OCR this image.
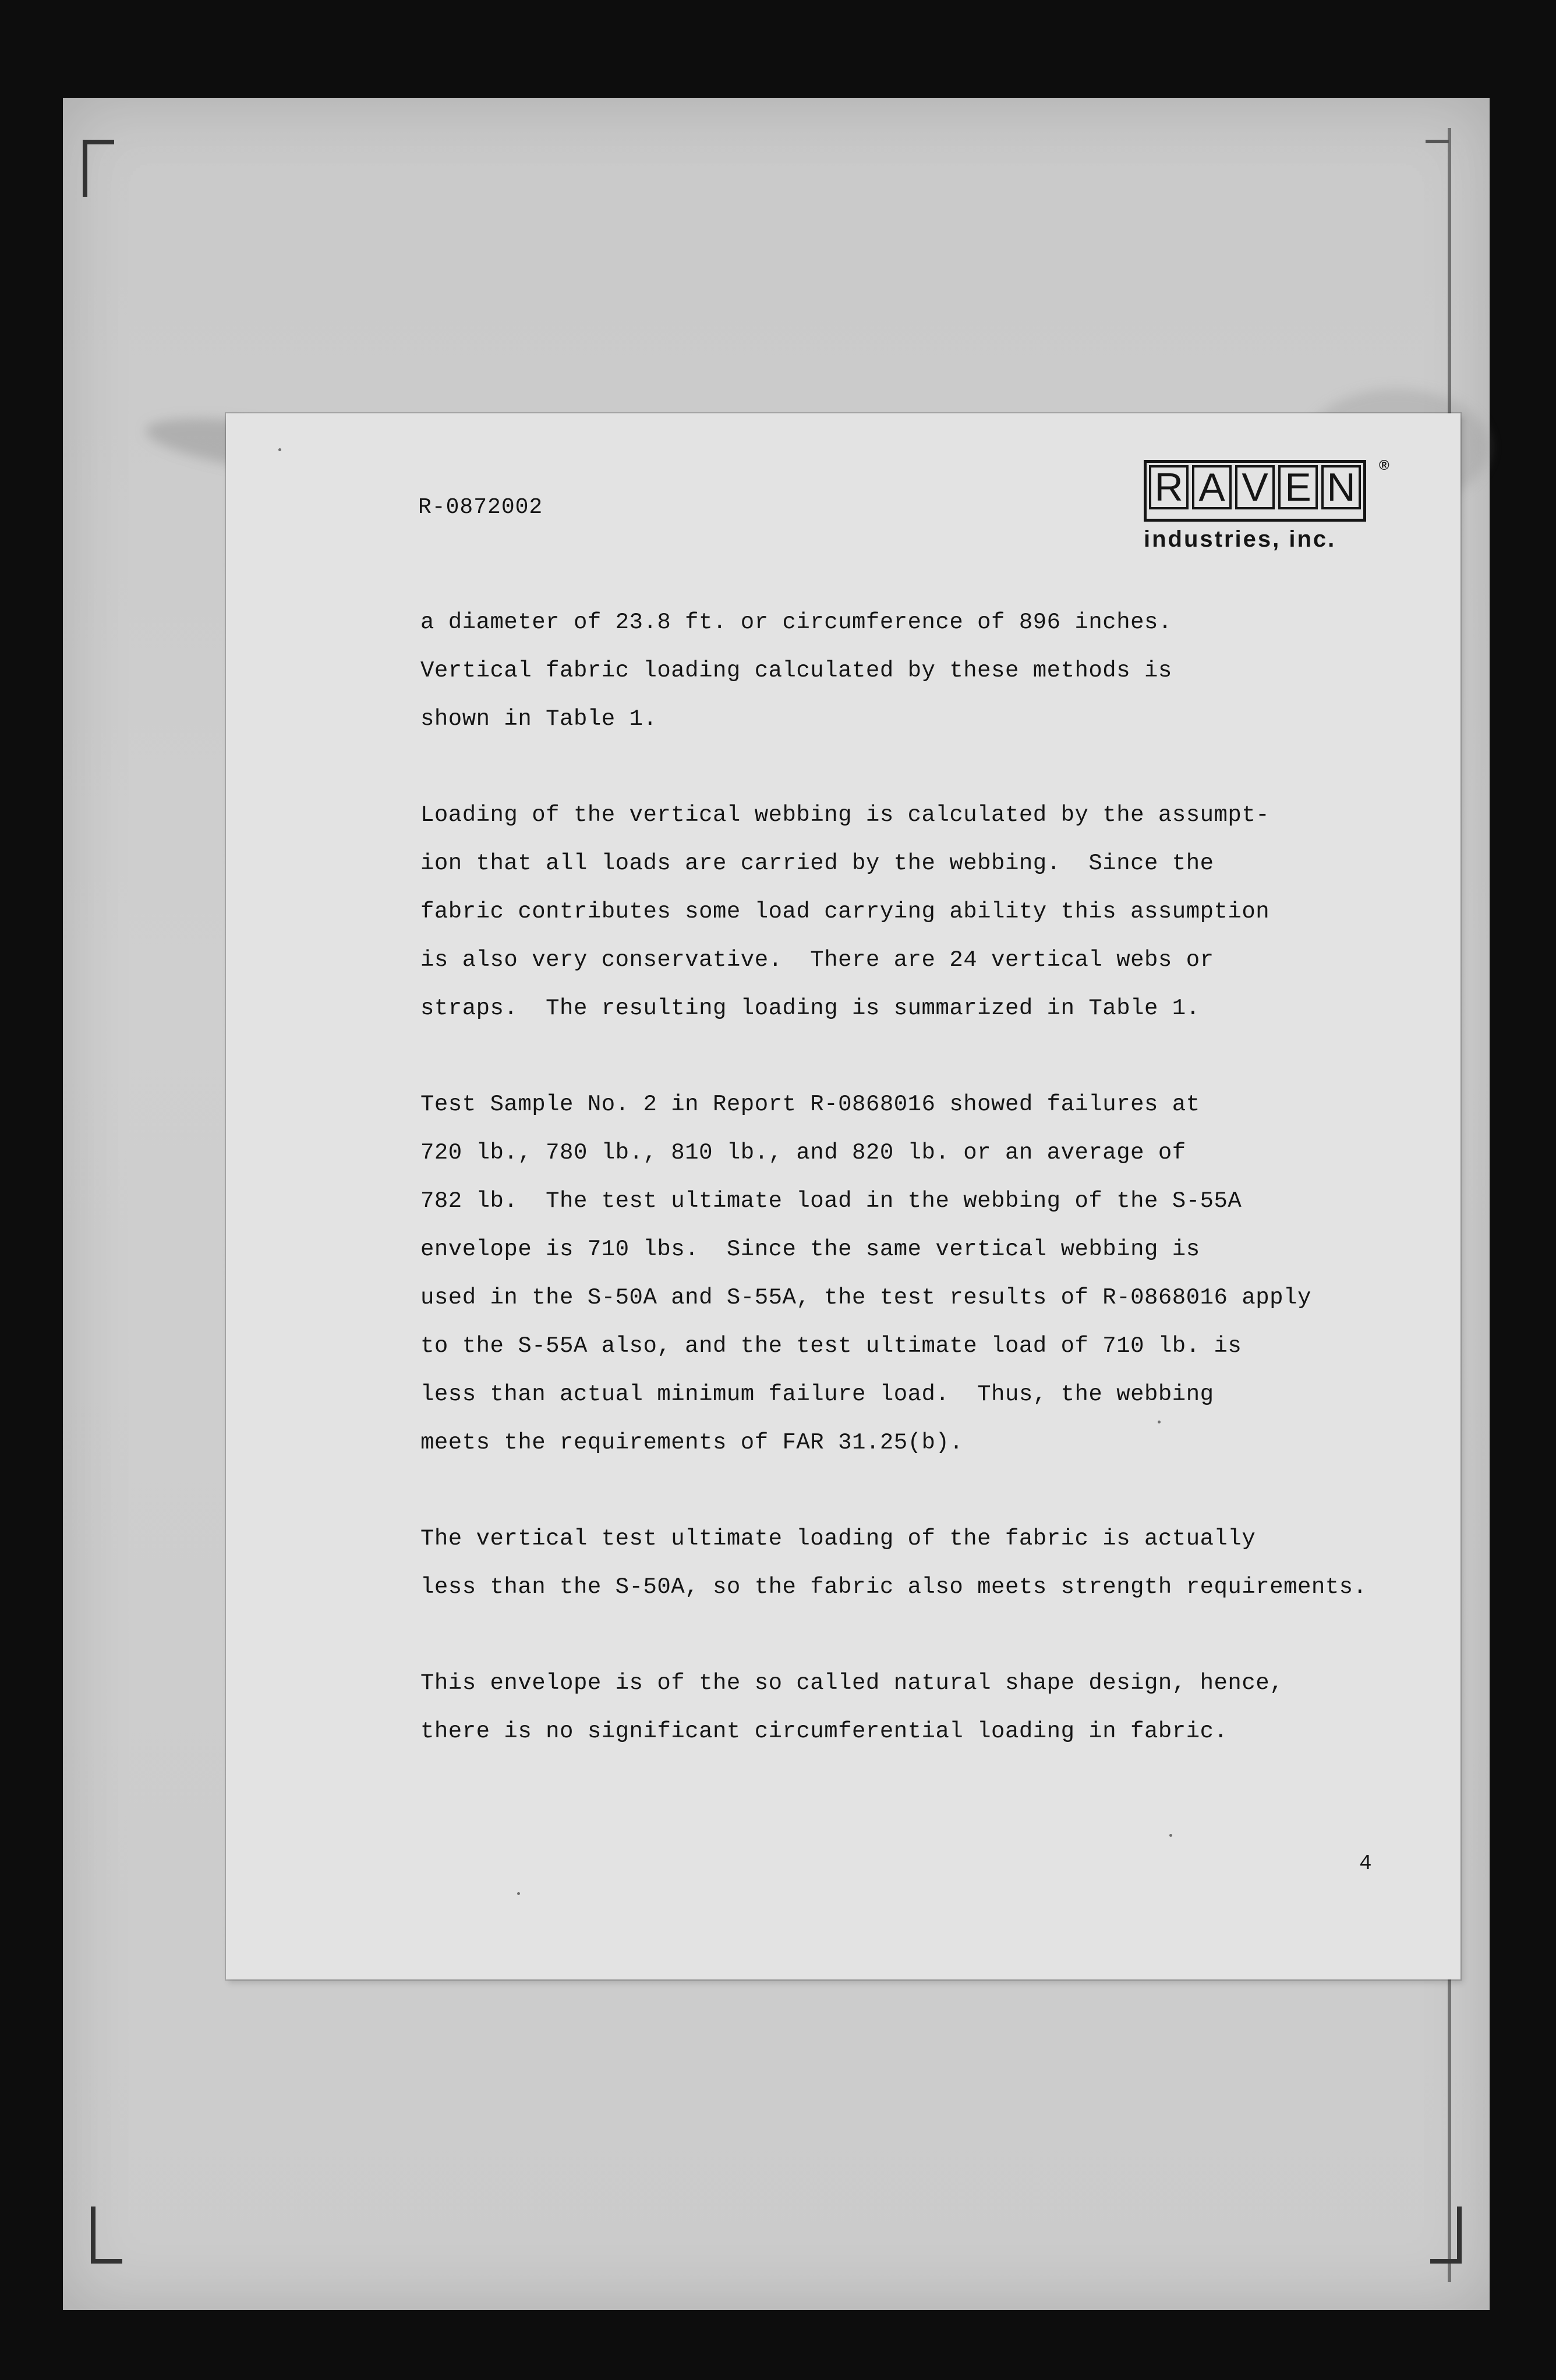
R-0872002	R A V E N	®
industries, inc.
a diameter of 23.8 ft. or circumference of 896 inches.
Vertical fabric loading calculated by these methods is
shown in Table 1.
Loading of the vertical webbing is calculated by the assumpt-
ion that all loads are carried by the webbing.  Since the
fabric contributes some load carrying ability this assumption
is also very conservative.  There are 24 vertical webs or
straps.  The resulting loading is summarized in Table 1.
Test Sample No. 2 in Report R-0868016 showed failures at
720 lb., 780 lb., 810 lb., and 820 lb. or an average of
782 lb.  The test ultimate load in the webbing of the S-55A
envelope is 710 lbs.  Since the same vertical webbing is
used in the S-50A and S-55A, the test results of R-0868016 apply
to the S-55A also, and the test ultimate load of 710 lb. is
less than actual minimum failure load.  Thus, the webbing
meets the requirements of FAR 31.25(b).
The vertical test ultimate loading of the fabric is actually
less than the S-50A, so the fabric also meets strength requirements.
This envelope is of the so called natural shape design, hence,
there is no significant circumferential loading in fabric.
4
